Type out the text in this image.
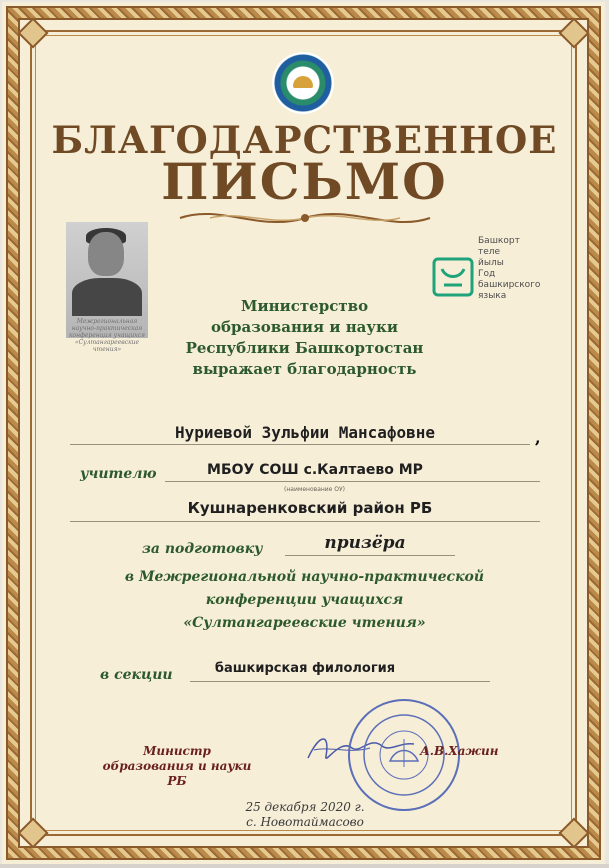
БЛАГОДАРСТВЕННОЕ
ПИСЬМО
Межрегиональная научно-практическая конференция учащихся «Султангареевские чтения»
Башкорт
теле
йылы
Год
башкирского
языка
Министерство
образования и науки
Республики Башкортостан
выражает благодарность
Нуриевой Зульфии Мансафовне	,
учителю	МБОУ СОШ с.Калтаево МР
(наименование ОУ)
Кушнаренковский район РБ
за подготовку	призёра
в Межрегиональной научно-практической
конференции учащихся
«Султангареевские чтения»
в секции	башкирская филология
Министр
образования и науки РБ
А.В.Хажин
25 декабря 2020 г.
с. Новотаймасово
